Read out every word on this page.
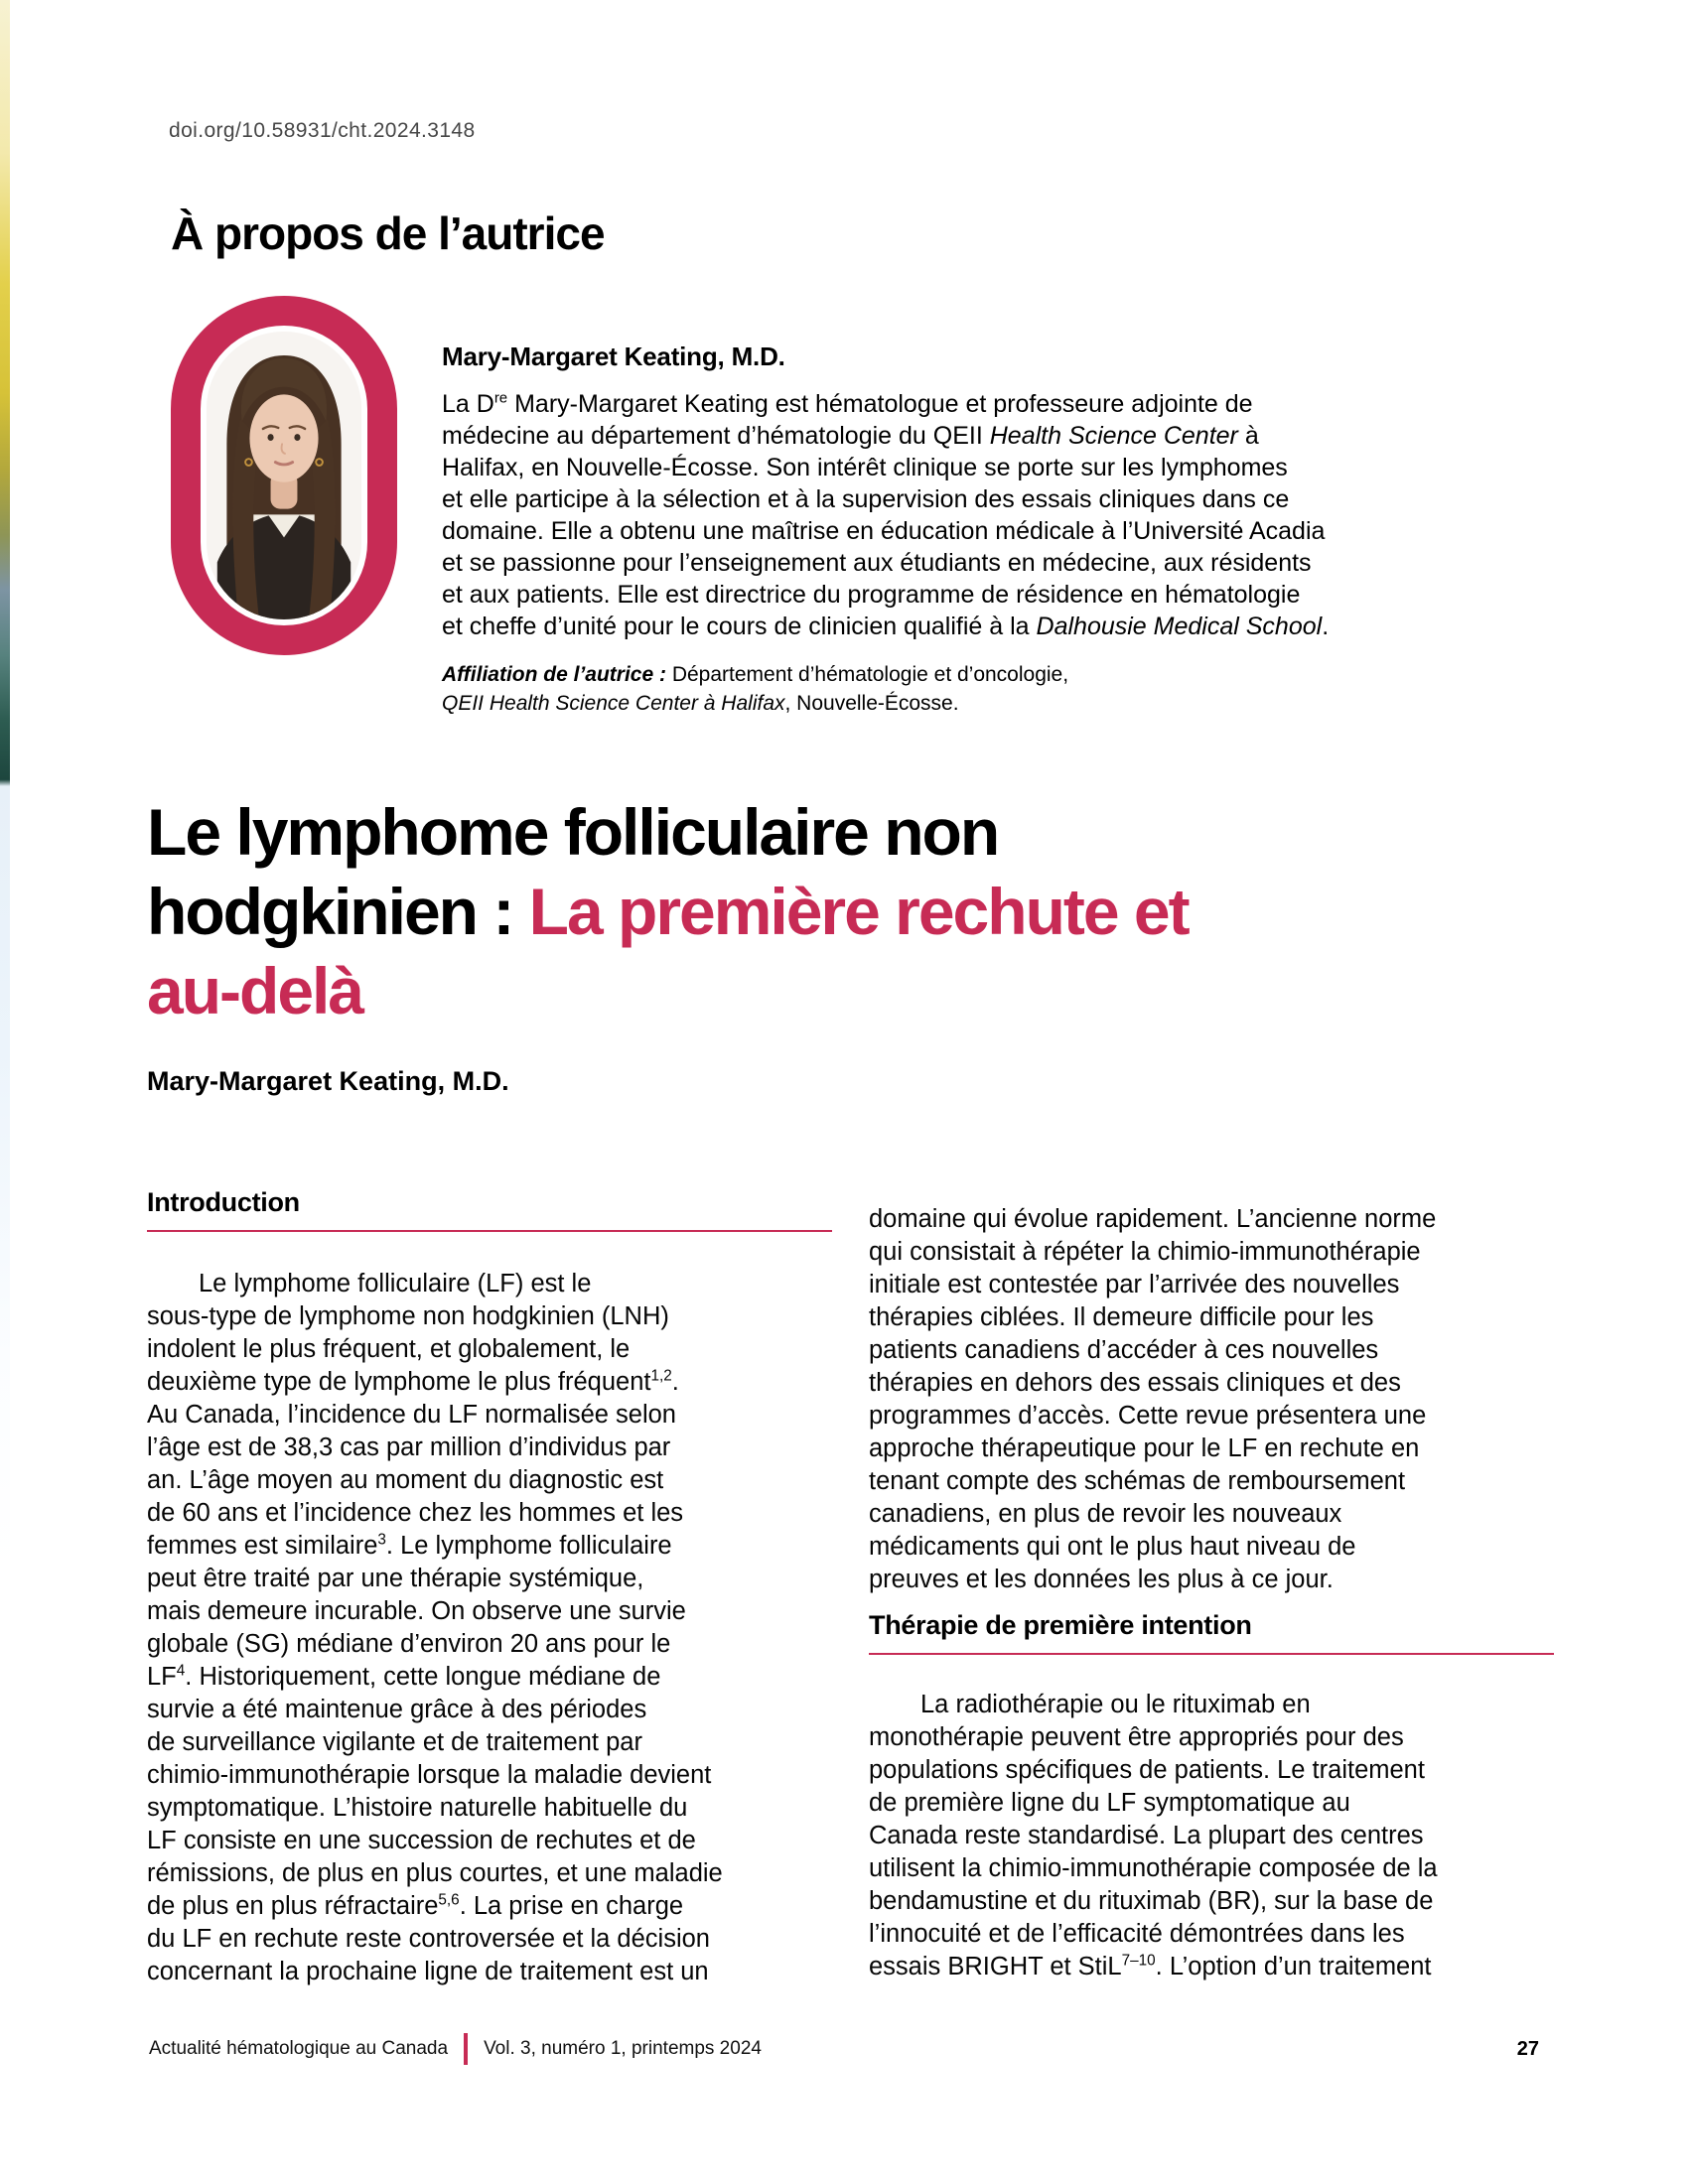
doi.org/10.58931/cht.2024.3148
À propos de l’autrice
Mary-Margaret Keating, M.D.

La Dre Mary-Margaret Keating est hématologue et professeure adjointe de
médecine au département d’hématologie du QEII Health Science Center à
Halifax, en Nouvelle-Écosse. Son intérêt clinique se porte sur les lymphomes
et elle participe à la sélection et à la supervision des essais cliniques dans ce
domaine. Elle a obtenu une maîtrise en éducation médicale à l’Université Acadia
et se passionne pour l’enseignement aux étudiants en médecine, aux résidents
et aux patients. Elle est directrice du programme de résidence en hématologie
et cheffe d’unité pour le cours de clinicien qualifié à la Dalhousie Medical School.

Affiliation de l’autrice : Département d’hématologie et d’oncologie,
QEII Health Science Center à Halifax, Nouvelle-Écosse.

Le lymphome folliculaire non
hodgkinien : La première rechute et
au-delà
Mary-Margaret Keating, M.D.
Introduction

Le lymphome folliculaire (LF) est le
sous-type de lymphome non hodgkinien (LNH)
indolent le plus fréquent, et globalement, le
deuxième type de lymphome le plus fréquent$^{1,2}$.
Au Canada, l’incidence du LF normalisée selon
l’âge est de 38,3 cas par million d’individus par
an. L’âge moyen au moment du diagnostic est
de 60 ans et l’incidence chez les hommes et les
femmes est similaire$^3$. Le lymphome folliculaire
peut être traité par une thérapie systémique,
mais demeure incurable. On observe une survie
globale (SG) médiane d’environ 20 ans pour le
$LF^4$. Historiquement, cette longue médiane de
survie a été maintenue grâce à des périodes
de surveillance vigilante et de traitement par
chimio-immunothérapie lorsque la maladie devient
symptomatique. L’histoire naturelle habituelle du
LF consiste en une succession de rechutes et de
rémissions, de plus en plus courtes, et une maladie
de plus en plus réfractaire$^{5,6}$. La prise en charge
du LF en rechute reste controversée et la décision
concernant la prochaine ligne de traitement est un

domaine qui évolue rapidement. L’ancienne norme
qui consistait à répéter la chimio-immunothérapie
initiale est contestée par l’arrivée des nouvelles
thérapies ciblées. Il demeure difficile pour les
patients canadiens d’accéder à ces nouvelles
thérapies en dehors des essais cliniques et des
programmes d’accès. Cette revue présentera une
approche thérapeutique pour le LF en rechute en
tenant compte des schémas de remboursement
canadiens, en plus de revoir les nouveaux
médicaments qui ont le plus haut niveau de
preuves et les données les plus à ce jour.

Thérapie de première intention

La radiothérapie ou le rituximab en
monothérapie peuvent être appropriés pour des
populations spécifiques de patients. Le traitement
de première ligne du LF symptomatique au
Canada reste standardisé. La plupart des centres
utilisent la chimio-immunothérapie composée de la
bendamustine et du rituximab (BR), sur la base de
l’innocuité et de l’efficacité démontrées dans les
essais BRIGHT et StiL$^{7-10}$. L’option d’un traitement

Actualité hématologique au Canada Vol. 3, numéro 1, printemps 2024	27
